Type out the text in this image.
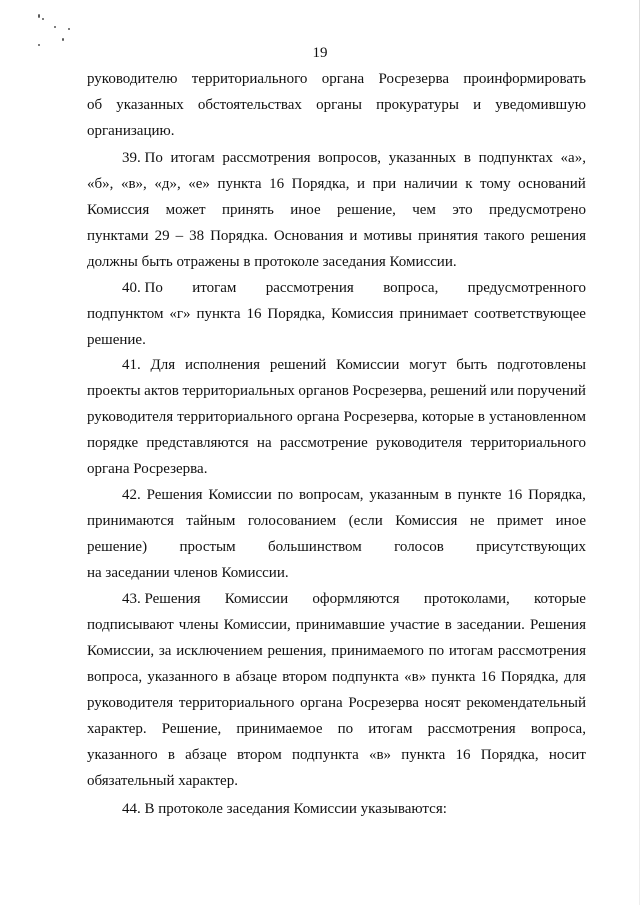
19
руководителю территориального органа Росрезерва проинформировать
об указанных обстоятельствах органы прокуратуры и уведомившую
организацию.
39. По итогам рассмотрения вопросов, указанных в подпунктах «а»,
«б», «в», «д», «е» пункта 16 Порядка, и при наличии к тому оснований
Комиссия может принять иное решение, чем это предусмотрено
пунктами 29 – 38 Порядка. Основания и мотивы принятия такого решения
должны быть отражены в протоколе заседания Комиссии.
40. По итогам рассмотрения вопроса, предусмотренного
подпунктом «г» пункта 16 Порядка, Комиссия принимает соответствующее
решение.
41. Для исполнения решений Комиссии могут быть подготовлены
проекты актов территориальных органов Росрезерва, решений или поручений
руководителя территориального органа Росрезерва, которые в установленном
порядке представляются на рассмотрение руководителя территориального
органа Росрезерва.
42. Решения Комиссии по вопросам, указанным в пункте 16 Порядка,
принимаются тайным голосованием (если Комиссия не примет иное
решение) простым большинством голосов присутствующих
на заседании членов Комиссии.
43. Решения Комиссии оформляются протоколами, которые
подписывают члены Комиссии, принимавшие участие в заседании. Решения
Комиссии, за исключением решения, принимаемого по итогам рассмотрения
вопроса, указанного в абзаце втором подпункта «в» пункта 16 Порядка, для
руководителя территориального органа Росрезерва носят рекомендательный
характер. Решение, принимаемое по итогам рассмотрения вопроса,
указанного в абзаце втором подпункта «в» пункта 16 Порядка, носит
обязательный характер.
44. В протоколе заседания Комиссии указываются:
